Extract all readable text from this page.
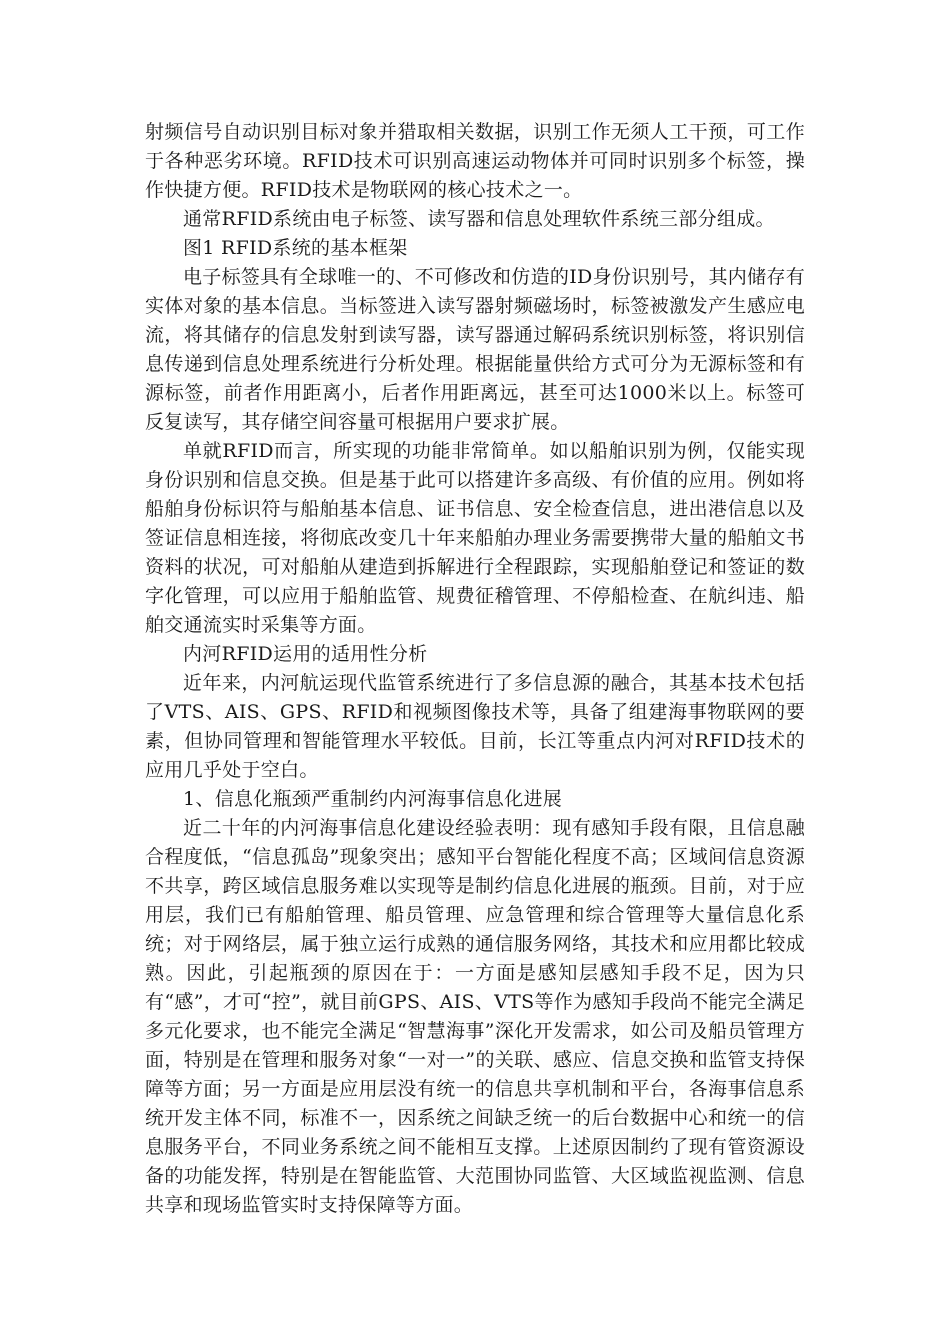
射频信号自动识别目标对象并猎取相关数据，识别工作无须人工干预，可工作于各种恶劣环境。RFID技术可识别高速运动物体并可同时识别多个标签，操作快捷方便。RFID技术是物联网的核心技术之一。

通常RFID系统由电子标签、读写器和信息处理软件系统三部分组成。

图1 RFID系统的基本框架

电子标签具有全球唯一的、不可修改和仿造的ID身份识别号，其内储存有实体对象的基本信息。当标签进入读写器射频磁场时，标签被激发产生感应电流，将其储存的信息发射到读写器，读写器通过解码系统识别标签，将识别信息传递到信息处理系统进行分析处理。根据能量供给方式可分为无源标签和有源标签，前者作用距离小，后者作用距离远，甚至可达1000米以上。标签可反复读写，其存储空间容量可根据用户要求扩展。

单就RFID而言，所实现的功能非常简单。如以船舶识别为例，仅能实现身份识别和信息交换。但是基于此可以搭建许多高级、有价值的应用。例如将船舶身份标识符与船舶基本信息、证书信息、安全检查信息，进出港信息以及签证信息相连接，将彻底改变几十年来船舶办理业务需要携带大量的船舶文书资料的状况，可对船舶从建造到拆解进行全程跟踪，实现船舶登记和签证的数字化管理，可以应用于船舶监管、规费征稽管理、不停船检查、在航纠违、船舶交通流实时采集等方面。

内河RFID运用的适用性分析

近年来，内河航运现代监管系统进行了多信息源的融合，其基本技术包括了VTS、AIS、GPS、RFID和视频图像技术等，具备了组建海事物联网的要素，但协同管理和智能管理水平较低。目前，长江等重点内河对RFID技术的应用几乎处于空白。

1、信息化瓶颈严重制约内河海事信息化进展

近二十年的内河海事信息化建设经验表明：现有感知手段有限，且信息融合程度低，“信息孤岛”现象突出；感知平台智能化程度不高；区域间信息资源不共享，跨区域信息服务难以实现等是制约信息化进展的瓶颈。目前，对于应用层，我们已有船舶管理、船员管理、应急管理和综合管理等大量信息化系统；对于网络层，属于独立运行成熟的通信服务网络，其技术和应用都比较成熟。因此，引起瓶颈的原因在于：一方面是感知层感知手段不足，因为只有“感”，才可“控”，就目前GPS、AIS、VTS等作为感知手段尚不能完全满足多元化要求，也不能完全满足“智慧海事”深化开发需求，如公司及船员管理方面，特别是在管理和服务对象“一对一”的关联、感应、信息交换和监管支持保障等方面；另一方面是应用层没有统一的信息共享机制和平台，各海事信息系统开发主体不同，标准不一，因系统之间缺乏统一的后台数据中心和统一的信息服务平台，不同业务系统之间不能相互支撑。上述原因制约了现有管资源设备的功能发挥，特别是在智能监管、大范围协同监管、大区域监视监测、信息共享和现场监管实时支持保障等方面。
